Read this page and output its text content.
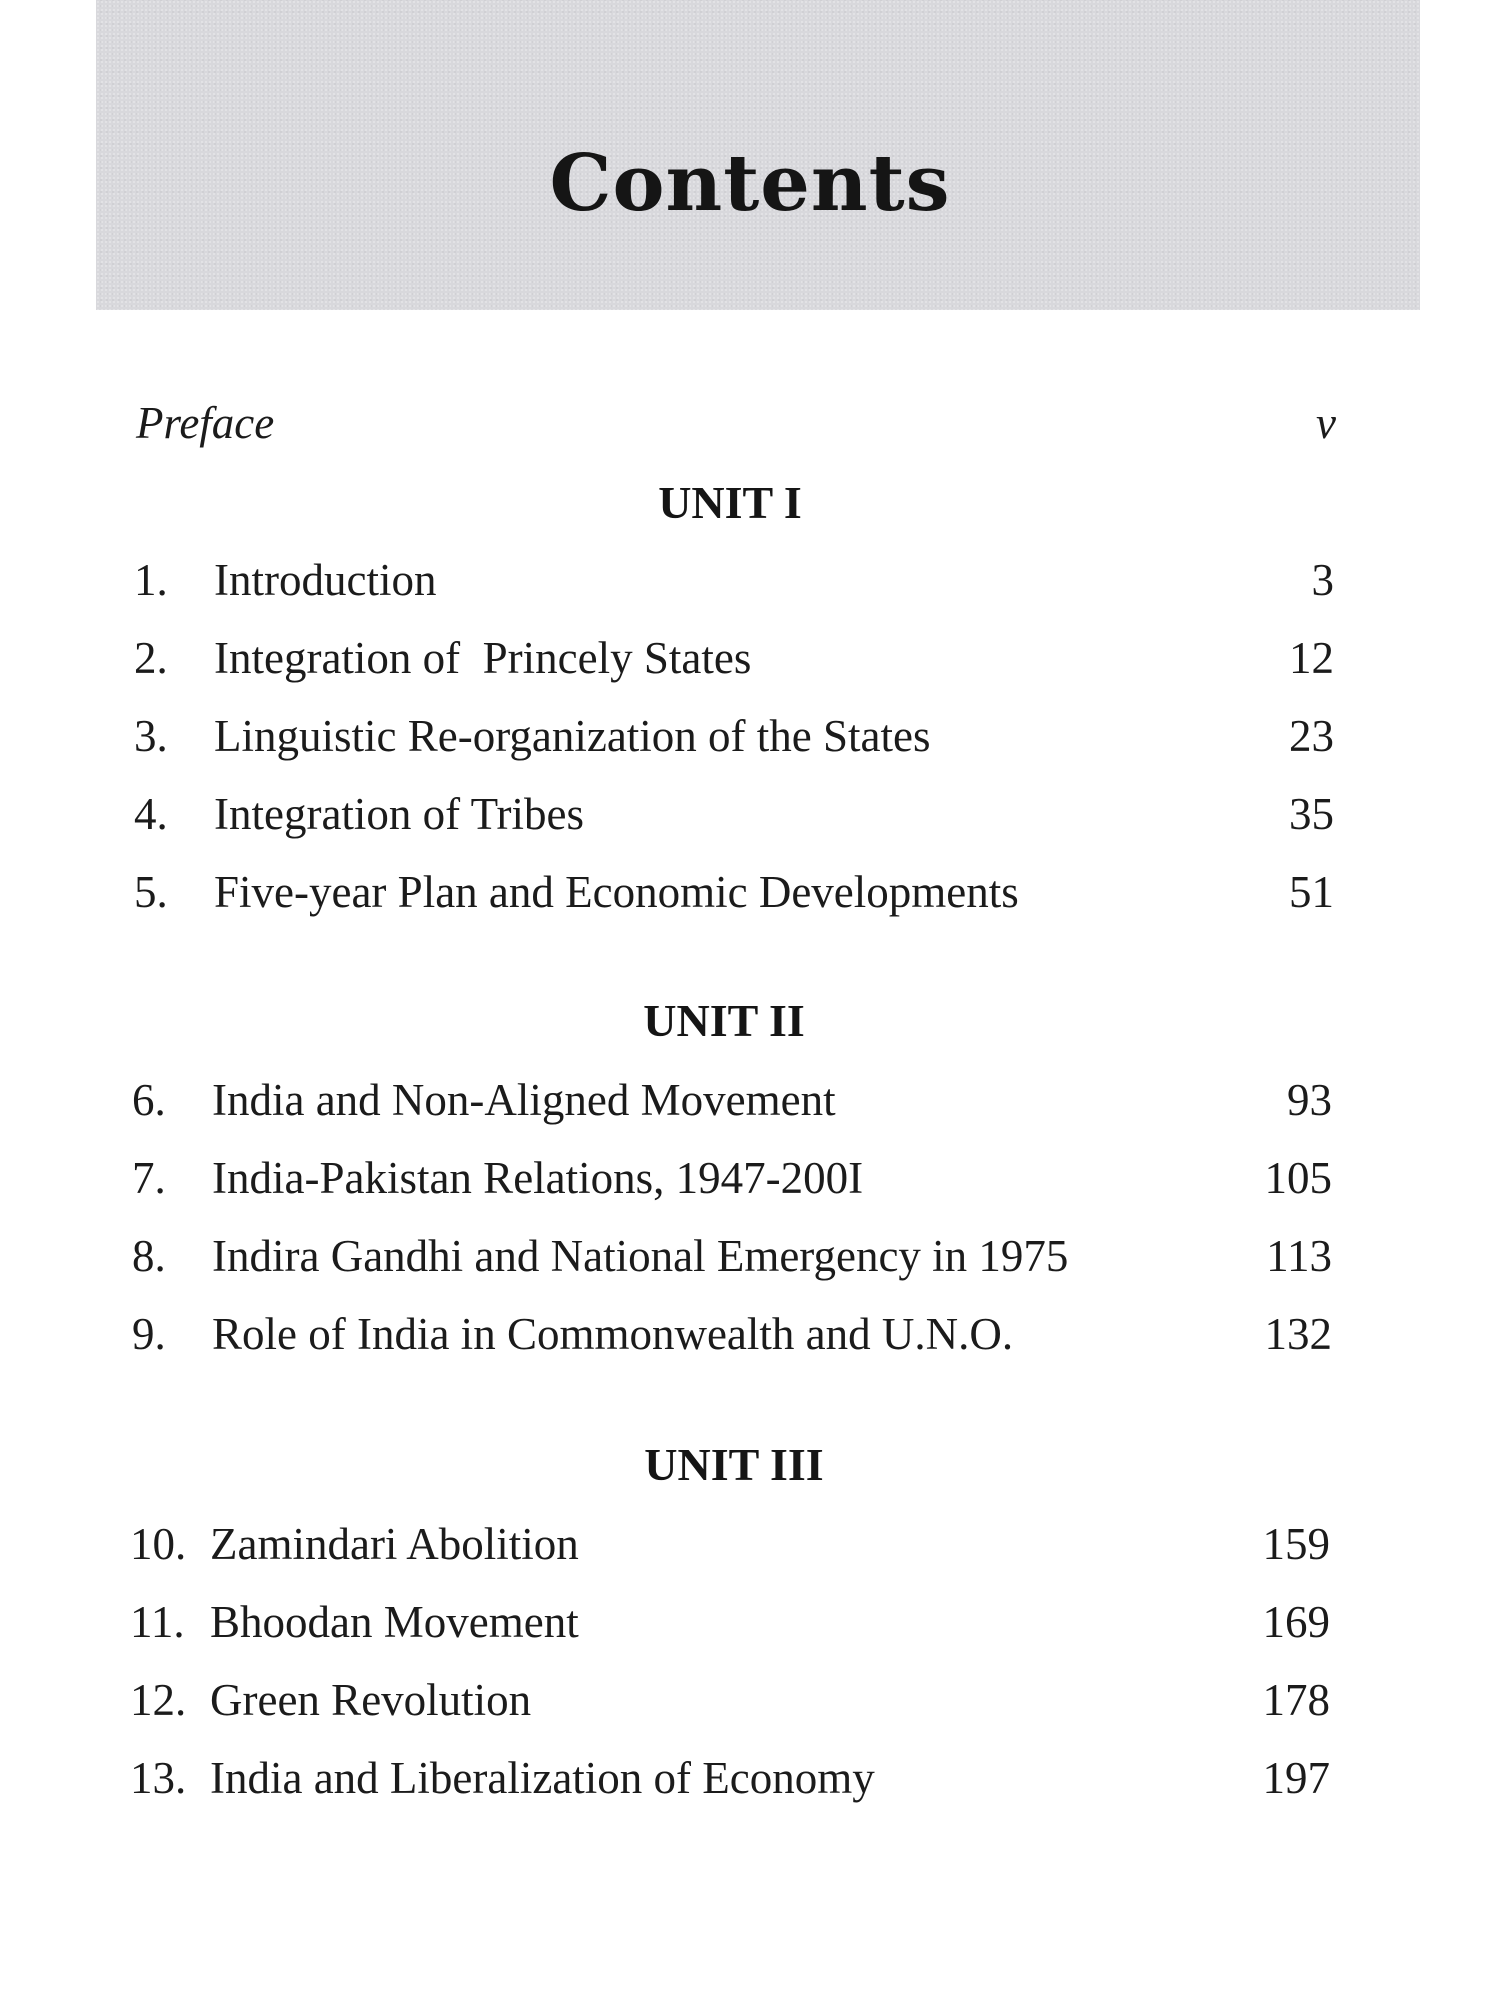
Contents
Preface	v
UNIT I
1.	Introduction	3
2.	Integration of  Princely States	12
3.	Linguistic Re-organization of the States	23
4.	Integration of Tribes	35
5.	Five-year Plan and Economic Developments	51
UNIT II
6.	India and Non-Aligned Movement	93
7.	India-Pakistan Relations, 1947-200I	105
8.	Indira Gandhi and National Emergency in 1975	113
9.	Role of India in Commonwealth and U.N.O.	132
UNIT III
10. Zamindari Abolition	159
11. Bhoodan Movement	169
12. Green Revolution	178
13. India and Liberalization of Economy	197
